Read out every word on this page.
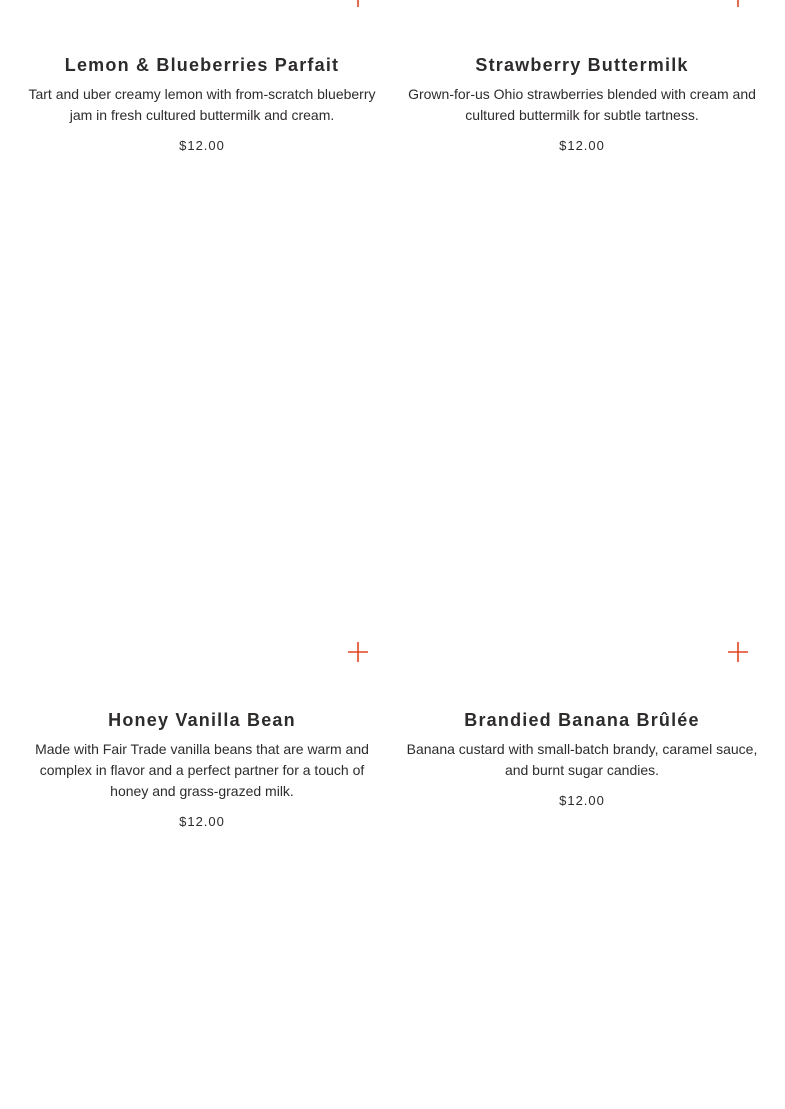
Lemon & Blueberries Parfait

Tart and uber creamy lemon with from-scratch blueberry jam in fresh cultured buttermilk and cream.

$12.00
Strawberry Buttermilk

Grown-for-us Ohio strawberries blended with cream and cultured buttermilk for subtle tartness.

$12.00
Honey Vanilla Bean

Made with Fair Trade vanilla beans that are warm and complex in flavor and a perfect partner for a touch of honey and grass-grazed milk.

$12.00
Brandied Banana Brûlée

Banana custard with small-batch brandy, caramel sauce, and burnt sugar candies.

$12.00
